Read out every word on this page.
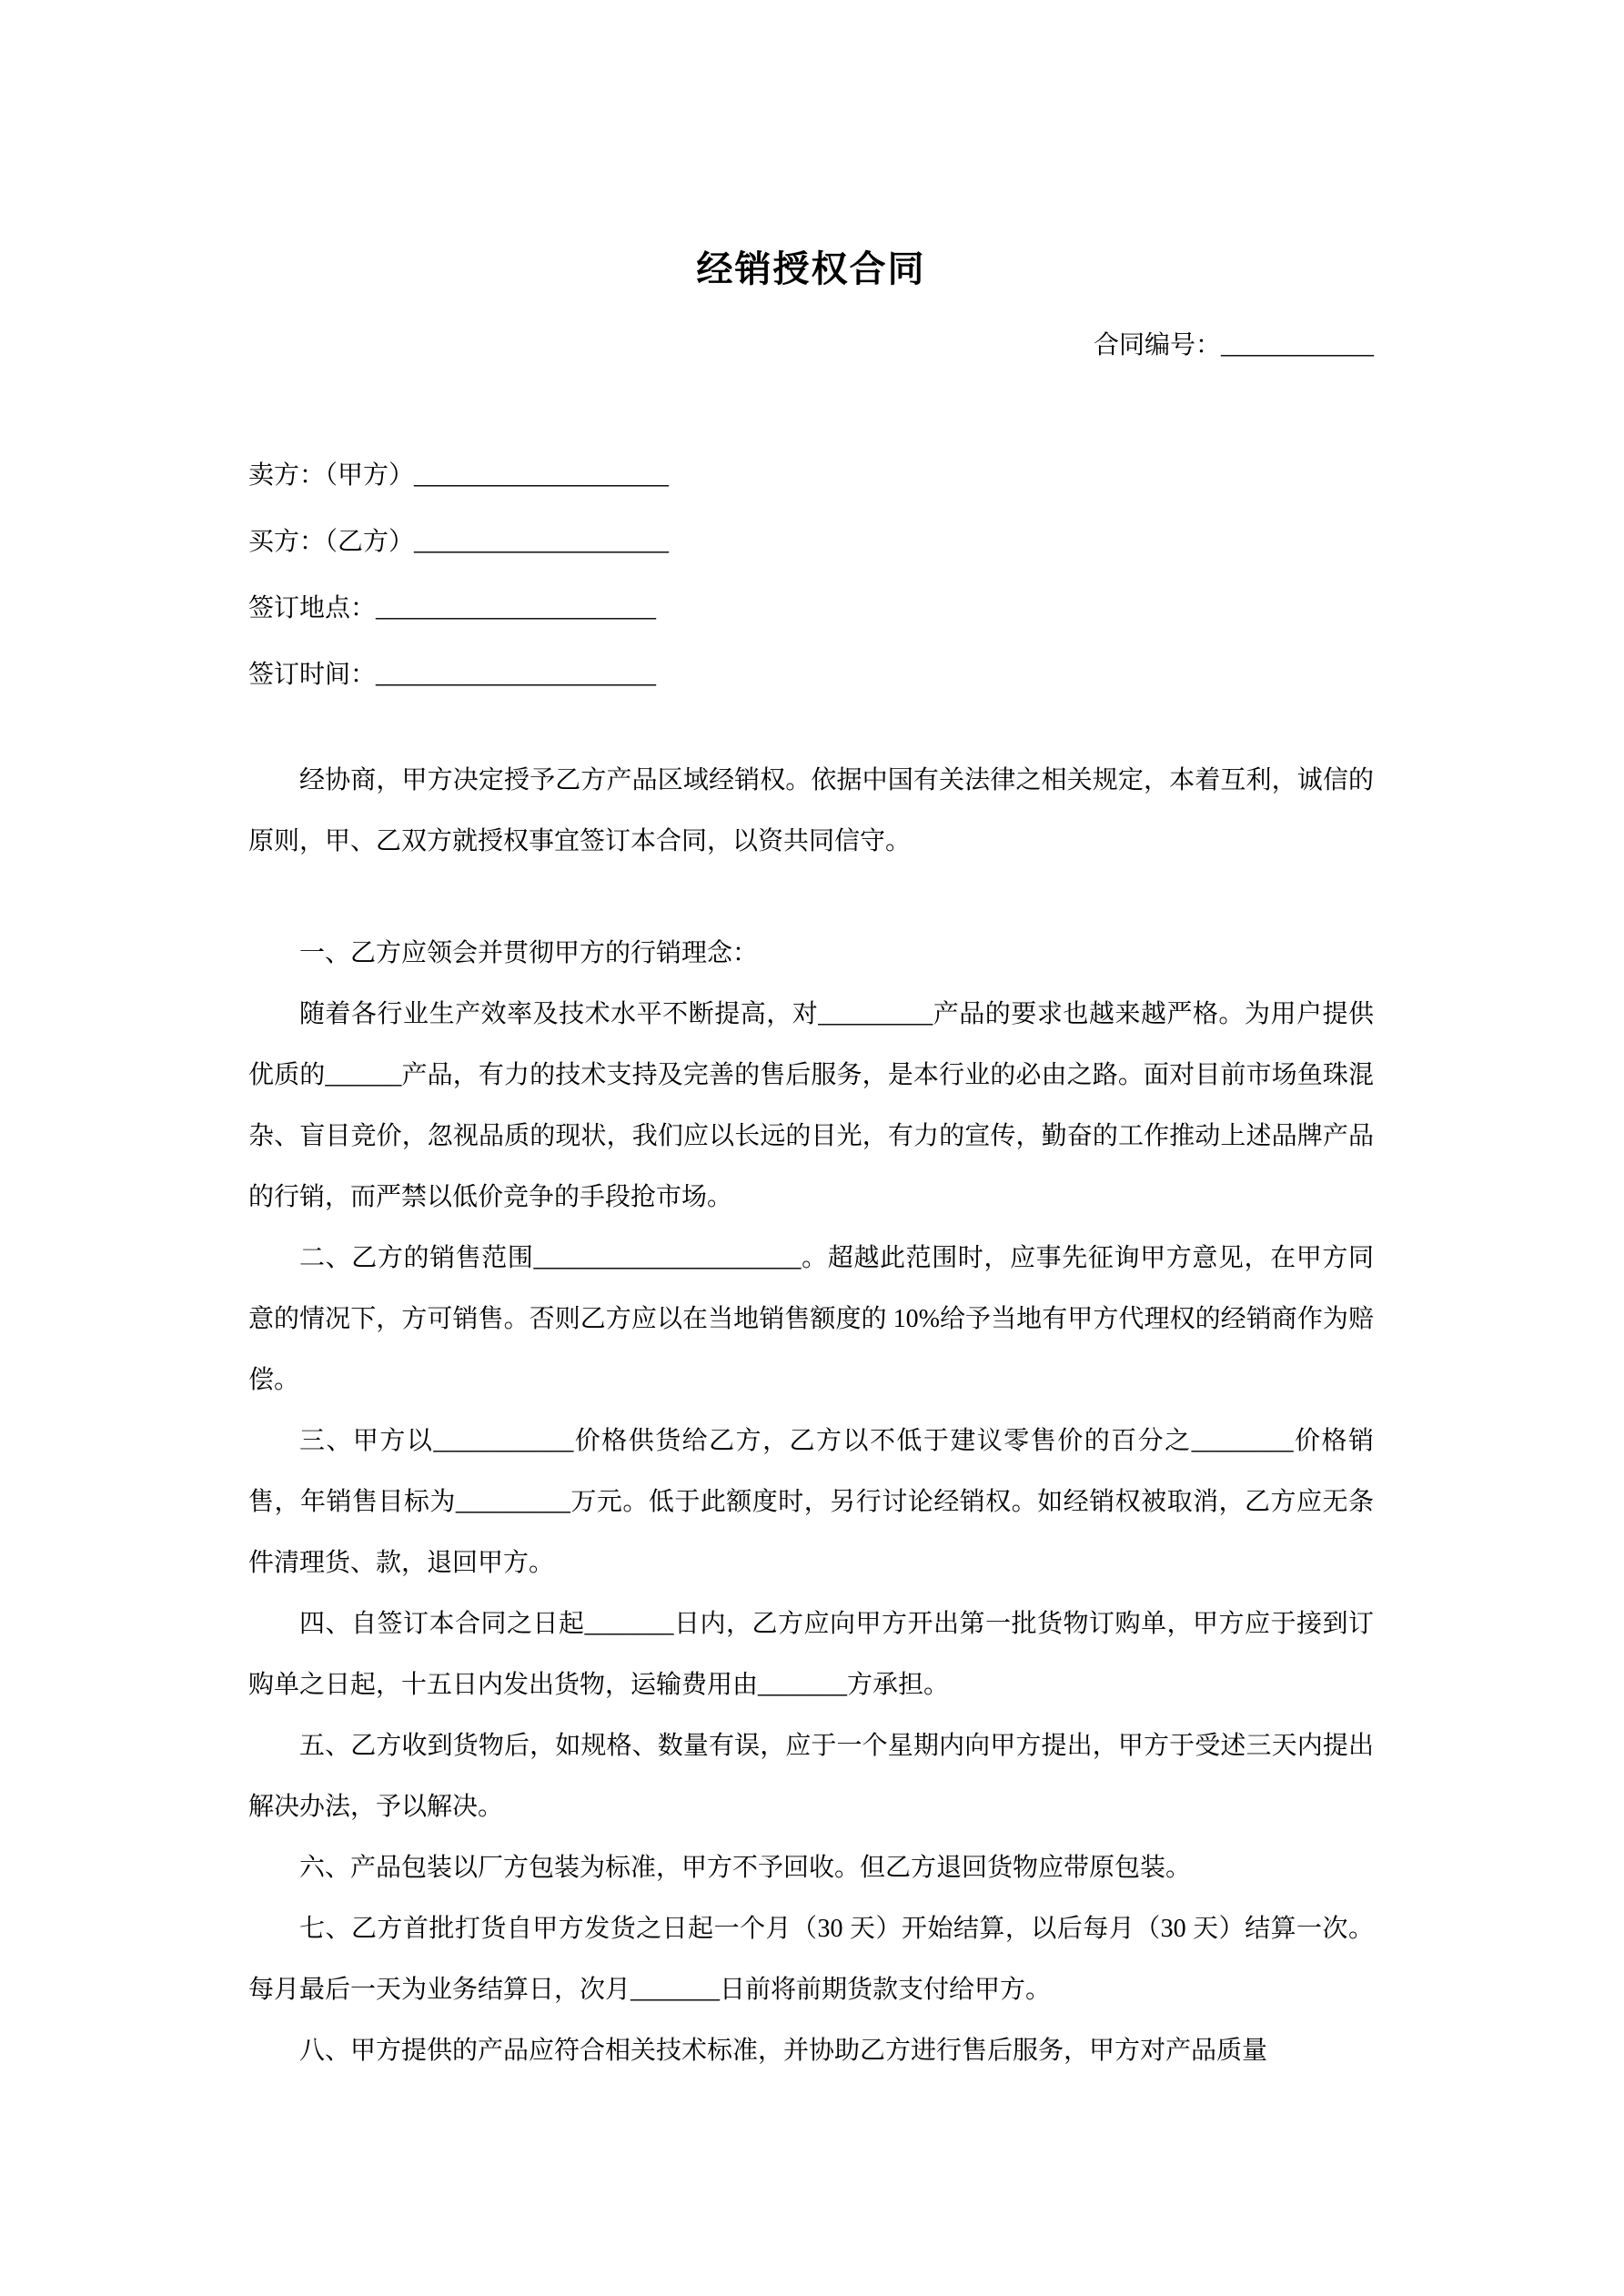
经销授权合同
合同编号：____________
卖方：（甲方）____________________
买方：（乙方）____________________
签订地点：______________________
签订时间：______________________

经协商，甲方决定授予乙方产品区域经销权。依据中国有关法律之相关规定，本着互利，诚信的原则，甲、乙双方就授权事宜签订本合同，以资共同信守。

一、乙方应领会并贯彻甲方的行销理念：

随着各行业生产效率及技术水平不断提高，对_________产品的要求也越来越严格。为用户提供优质的______产品，有力的技术支持及完善的售后服务，是本行业的必由之路。面对目前市场鱼珠混杂、盲目竞价，忽视品质的现状，我们应以长远的目光，有力的宣传，勤奋的工作推动上述品牌产品的行销，而严禁以低价竞争的手段抢市场。

二、乙方的销售范围_____________________。超越此范围时，应事先征询甲方意见，在甲方同意的情况下，方可销售。否则乙方应以在当地销售额度的 10%给予当地有甲方代理权的经销商作为赔偿。

三、甲方以___________价格供货给乙方，乙方以不低于建议零售价的百分之________价格销售，年销售目标为_________万元。低于此额度时，另行讨论经销权。如经销权被取消，乙方应无条件清理货、款，退回甲方。

四、自签订本合同之日起_______日内，乙方应向甲方开出第一批货物订购单，甲方应于接到订购单之日起，十五日内发出货物，运输费用由_______方承担。

五、乙方收到货物后，如规格、数量有误，应于一个星期内向甲方提出，甲方于受述三天内提出解决办法，予以解决。

六、产品包装以厂方包装为标准，甲方不予回收。但乙方退回货物应带原包装。

七、乙方首批打货自甲方发货之日起一个月（30 天）开始结算，以后每月（30 天）结算一次。每月最后一天为业务结算日，次月_______日前将前期货款支付给甲方。

八、甲方提供的产品应符合相关技术标准，并协助乙方进行售后服务，甲方对产品质量
